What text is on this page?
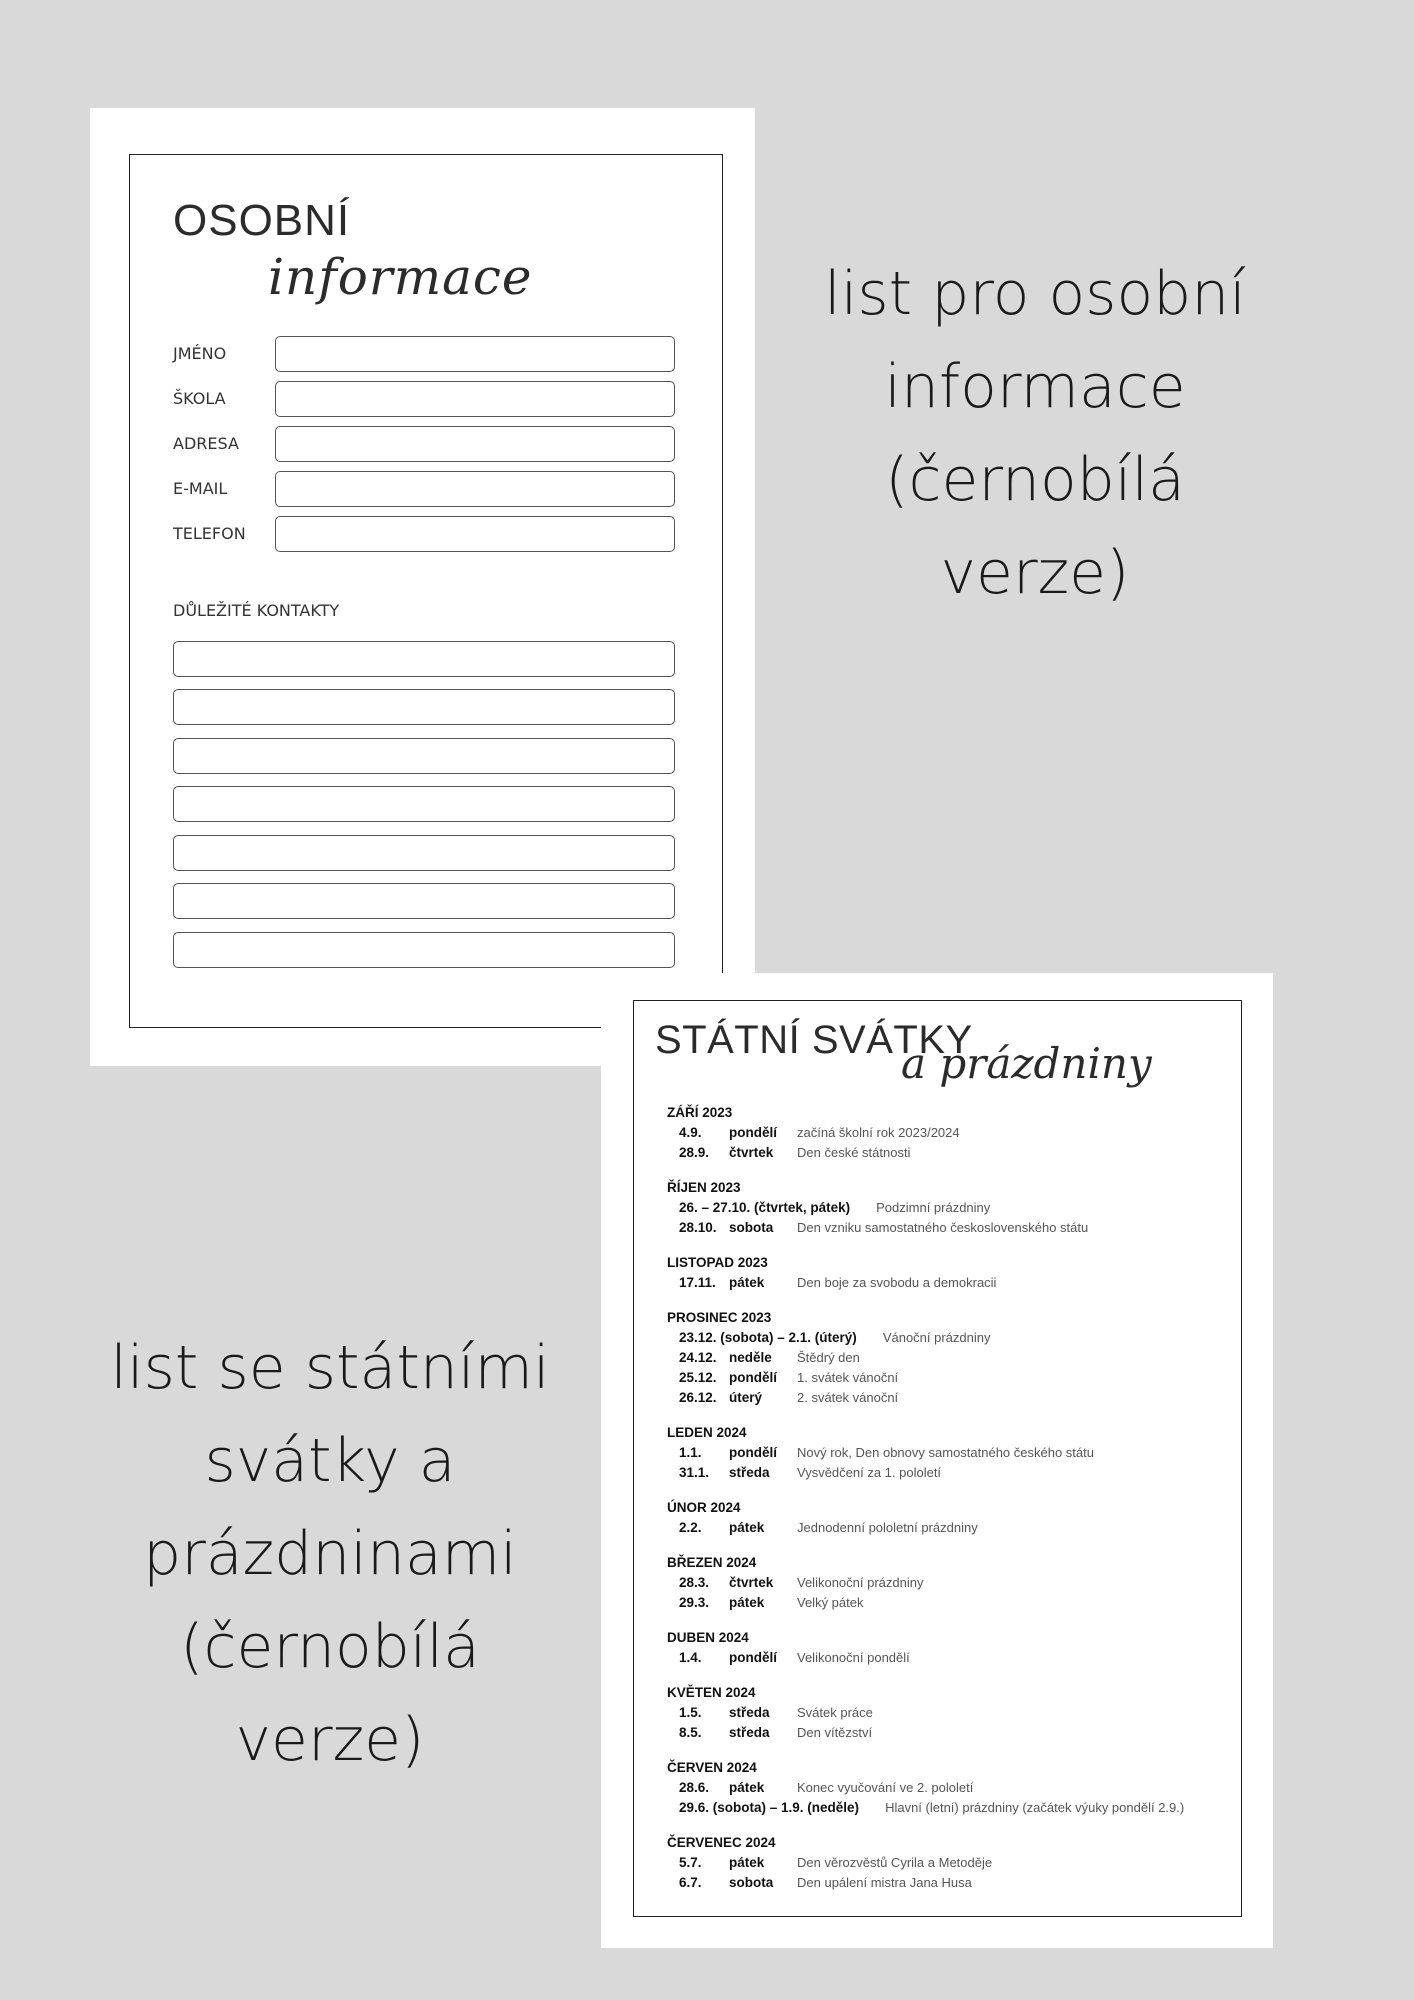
OSOBNÍ
informace
JMÉNO
ŠKOLA
ADRESA
E-MAIL
TELEFON
DŮLEŽITÉ KONTAKTY
list pro osobní
informace
(černobílá
verze)
list se státními
svátky a
prázdninami
(černobílá
verze)
STÁTNÍ SVÁTKY
a prázdniny
ZÁŘÍ 2023
4.9. pondělí začíná školní rok 2023/2024
28.9. čtvrtek Den české státnosti
ŘÍJEN 2023
26. – 27.10. (čtvrtek, pátek) Podzimní prázdniny
28.10. sobota Den vzniku samostatného československého státu
LISTOPAD 2023
17.11. pátek	Den boje za svobodu a demokracii
PROSINEC 2023
23.12. (sobota) – 2.1. (úterý) Vánoční prázdniny
24.12. neděle Štědrý den
25.12. pondělí 1. svátek vánoční
26.12. úterý	2. svátek vánoční
LEDEN 2024
1.1. pondělí Nový rok, Den obnovy samostatného českého státu
31.1. středa Vysvědčení za 1. pololetí
ÚNOR 2024
2.2. pátek	Jednodenní pololetní prázdniny
BŘEZEN 2024
28.3. čtvrtek Velikonoční prázdniny
29.3. pátek	Velký pátek
DUBEN 2024
1.4. pondělí Velikonoční pondělí
KVĚTEN 2024
1.5. středa Svátek práce
8.5. středa Den vítězství
ČERVEN 2024
28.6. pátek	Konec vyučování ve 2. pololetí
29.6. (sobota) – 1.9. (neděle) Hlavní (letní) prázdniny (začátek výuky pondělí 2.9.)
ČERVENEC 2024
5.7. pátek	Den věrozvěstů Cyrila a Metoděje
6.7. sobota Den upálení mistra Jana Husa
